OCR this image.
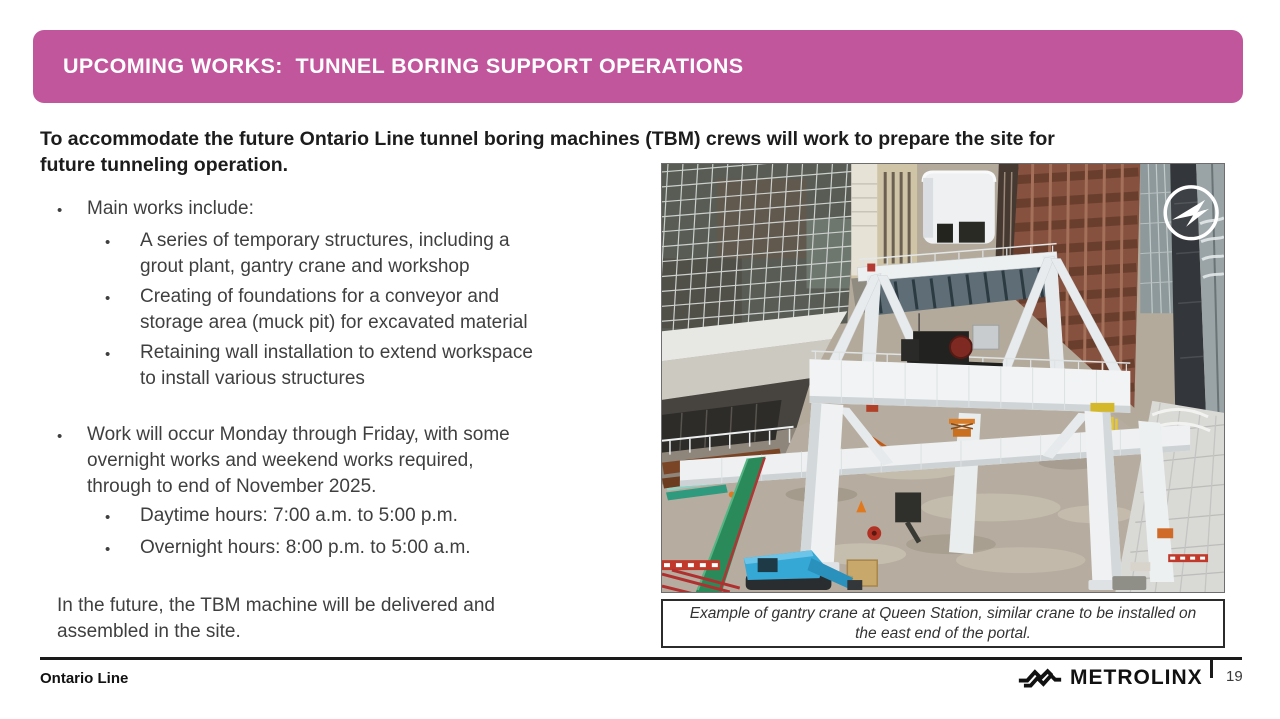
UPCOMING WORKS:  TUNNEL BORING SUPPORT OPERATIONS
To accommodate the future Ontario Line tunnel boring machines (TBM) crews will work to prepare the site for
future tunneling operation.
•
Main works include:
•
A series of temporary structures, including a
grout plant, gantry crane and workshop
•
Creating of foundations for a conveyor and
storage area (muck pit) for excavated material
•
Retaining wall installation to extend workspace
to install various structures
•
Work will occur Monday through Friday, with some
overnight works and weekend works required,
through to end of November 2025.
•
Daytime hours: 7:00 a.m. to 5:00 p.m.
•
Overnight hours: 8:00 p.m. to 5:00 a.m.
In the future, the TBM machine will be delivered and
assembled in the site.
Example of gantry crane at Queen Station, similar crane to be installed on
the east end of the portal.
Ontario Line	METROLINX 19
